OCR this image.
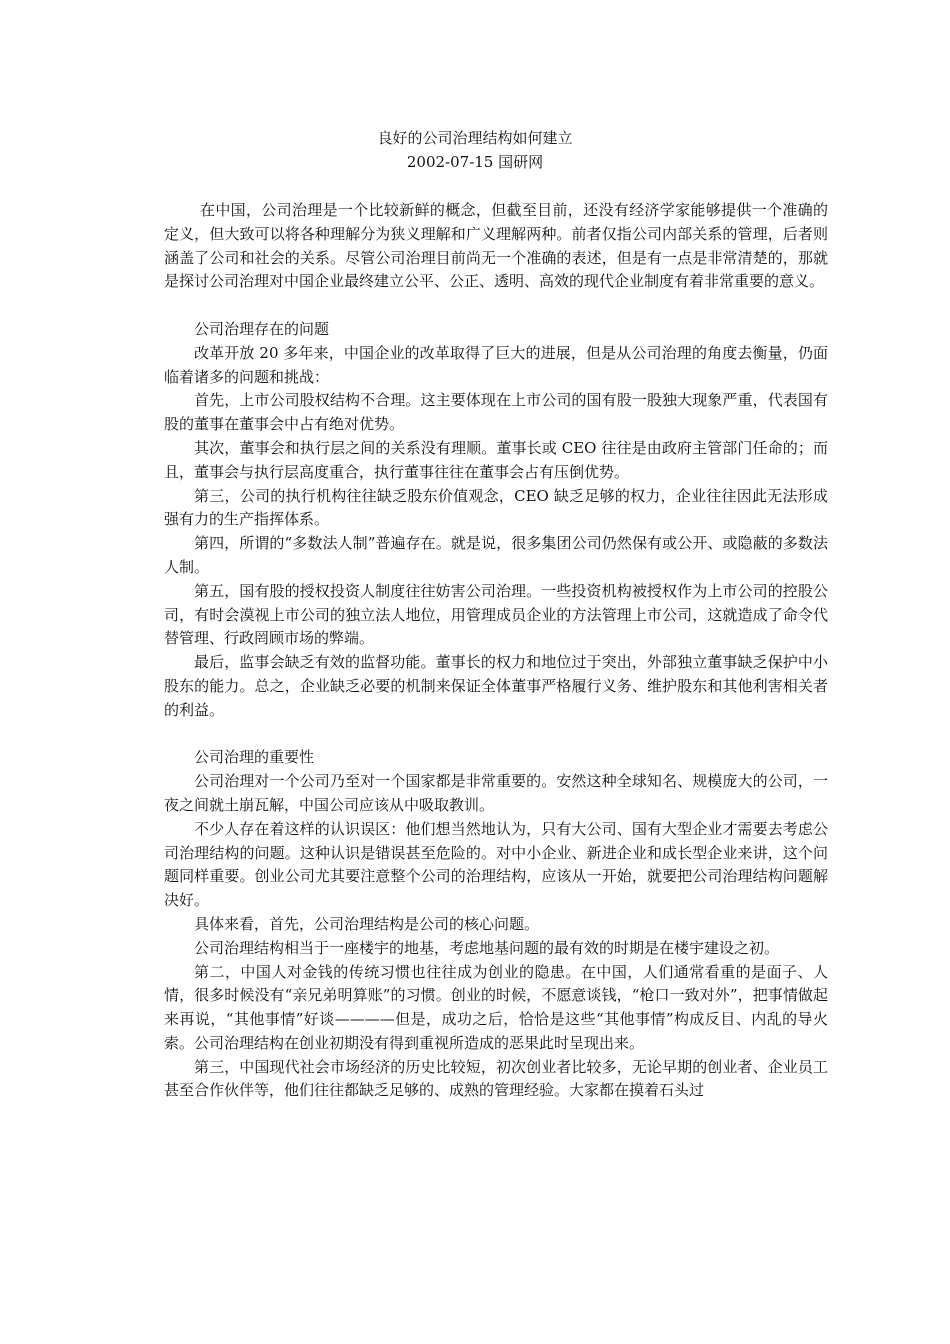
良好的公司治理结构如何建立
2002-07-15 国研网

在中国，公司治理是一个比较新鲜的概念，但截至目前，还没有经济学家能够提供一个准确的定义，但大致可以将各种理解分为狭义理解和广义理解两种。前者仅指公司内部关系的管理，后者则涵盖了公司和社会的关系。尽管公司治理目前尚无一个准确的表述，但是有一点是非常清楚的，那就是探讨公司治理对中国企业最终建立公平、公正、透明、高效的现代企业制度有着非常重要的意义。

公司治理存在的问题

改革开放 20 多年来，中国企业的改革取得了巨大的进展，但是从公司治理的角度去衡量，仍面临着诸多的问题和挑战：

首先，上市公司股权结构不合理。这主要体现在上市公司的国有股一股独大现象严重，代表国有股的董事在董事会中占有绝对优势。

其次，董事会和执行层之间的关系没有理顺。董事长或 CEO 往往是由政府主管部门任命的；而且，董事会与执行层高度重合，执行董事往往在董事会占有压倒优势。

第三，公司的执行机构往往缺乏股东价值观念，CEO 缺乏足够的权力，企业往往因此无法形成强有力的生产指挥体系。

第四，所谓的“多数法人制”普遍存在。就是说，很多集团公司仍然保有或公开、或隐蔽的多数法人制。

第五，国有股的授权投资人制度往往妨害公司治理。一些投资机构被授权作为上市公司的控股公司，有时会漠视上市公司的独立法人地位，用管理成员企业的方法管理上市公司，这就造成了命令代替管理、行政罔顾市场的弊端。

最后，监事会缺乏有效的监督功能。董事长的权力和地位过于突出，外部独立董事缺乏保护中小股东的能力。总之，企业缺乏必要的机制来保证全体董事严格履行义务、维护股东和其他利害相关者的利益。

公司治理的重要性

公司治理对一个公司乃至对一个国家都是非常重要的。安然这种全球知名、规模庞大的公司，一夜之间就土崩瓦解，中国公司应该从中吸取教训。

不少人存在着这样的认识误区：他们想当然地认为，只有大公司、国有大型企业才需要去考虑公司治理结构的问题。这种认识是错误甚至危险的。对中小企业、新进企业和成长型企业来讲，这个问题同样重要。创业公司尤其要注意整个公司的治理结构，应该从一开始，就要把公司治理结构问题解决好。

具体来看，首先，公司治理结构是公司的核心问题。

公司治理结构相当于一座楼宇的地基，考虑地基问题的最有效的时期是在楼宇建设之初。

第二，中国人对金钱的传统习惯也往往成为创业的隐患。在中国，人们通常看重的是面子、人情，很多时候没有“亲兄弟明算账”的习惯。创业的时候，不愿意谈钱，“枪口一致对外”，把事情做起来再说，“其他事情”好谈————但是，成功之后，恰恰是这些“其他事情”构成反目、内乱的导火索。公司治理结构在创业初期没有得到重视所造成的恶果此时呈现出来。

第三，中国现代社会市场经济的历史比较短，初次创业者比较多，无论早期的创业者、企业员工甚至合作伙伴等，他们往往都缺乏足够的、成熟的管理经验。大家都在摸着石头过
